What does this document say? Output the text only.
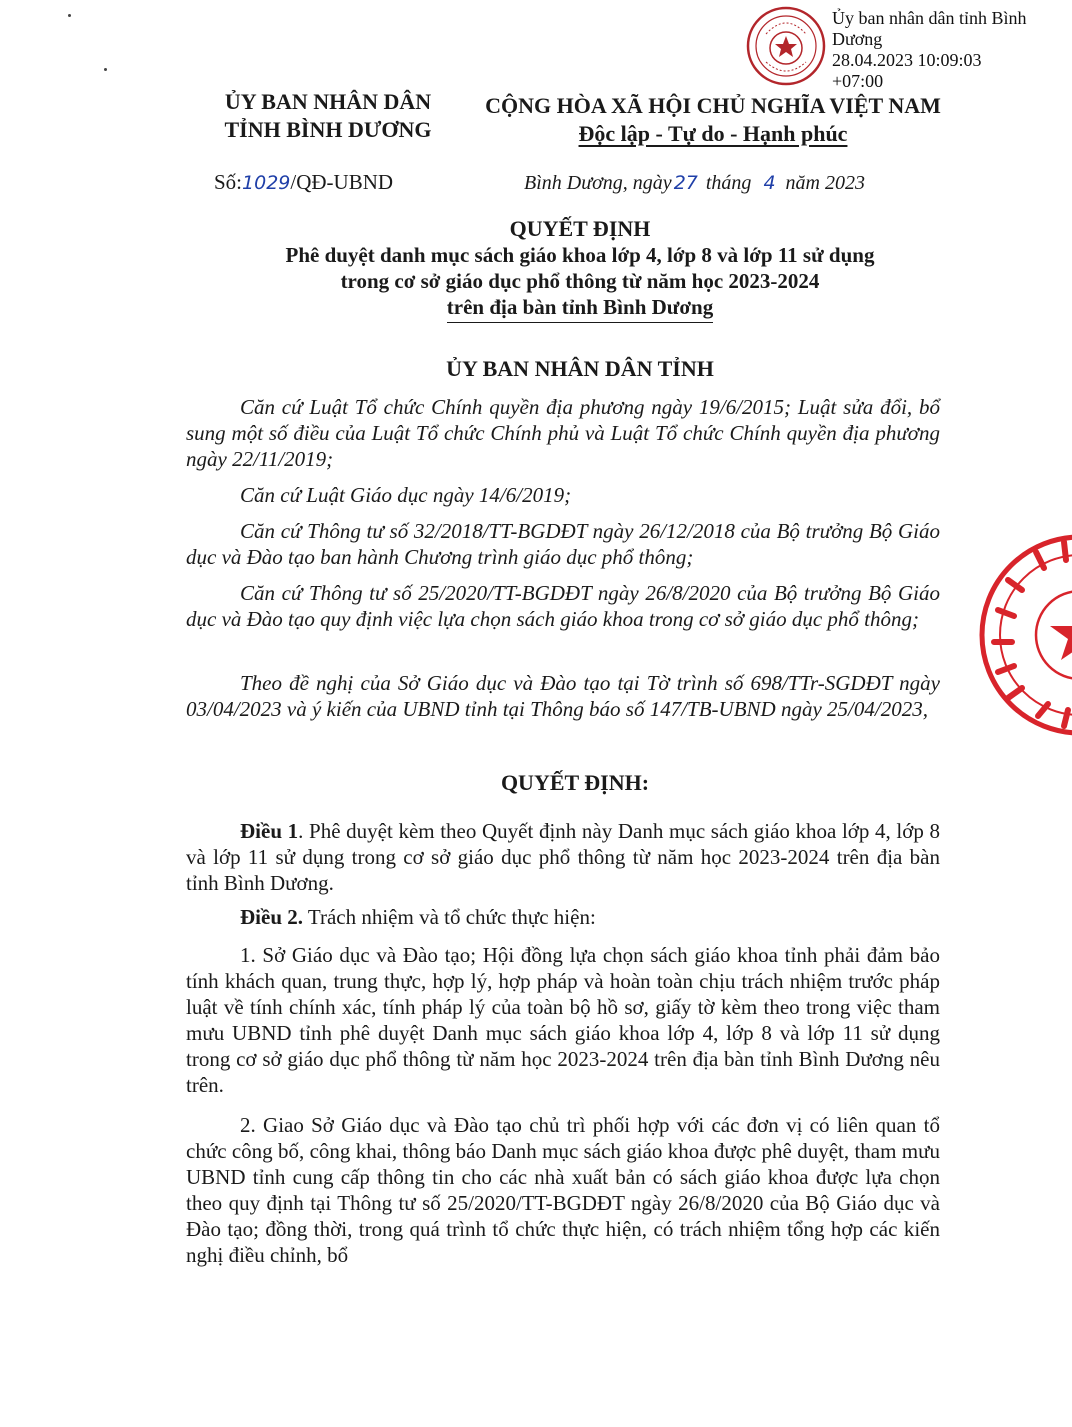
Ủy ban nhân dân tỉnh Bình Dương
28.04.2023 10:09:03
+07:00
ỦY BAN NHÂN DÂN
TỈNH BÌNH DƯƠNG
CỘNG HÒA XÃ HỘI CHỦ NGHĨA VIỆT NAM
Độc lập - Tự do - Hạnh phúc
Số:1029/QĐ-UBND	Bình Dương, ngày 27 tháng 4 năm 2023
QUYẾT ĐỊNH
Phê duyệt danh mục sách giáo khoa lớp 4, lớp 8 và lớp 11 sử dụng
trong cơ sở giáo dục phổ thông từ năm học 2023-2024
trên địa bàn tỉnh Bình Dương
ỦY BAN NHÂN DÂN TỈNH

Căn cứ Luật Tổ chức Chính quyền địa phương ngày 19/6/2015; Luật sửa đổi, bổ sung một số điều của Luật Tổ chức Chính phủ và Luật Tổ chức Chính quyền địa phương ngày 22/11/2019;

Căn cứ Luật Giáo dục ngày 14/6/2019;

Căn cứ Thông tư số 32/2018/TT-BGDĐT ngày 26/12/2018 của Bộ trưởng Bộ Giáo dục và Đào tạo ban hành Chương trình giáo dục phổ thông;

Căn cứ Thông tư số 25/2020/TT-BGDĐT ngày 26/8/2020 của Bộ trưởng Bộ Giáo dục và Đào tạo quy định việc lựa chọn sách giáo khoa trong cơ sở giáo dục phổ thông;

Theo đề nghị của Sở Giáo dục và Đào tạo tại Tờ trình số 698/TTr-SGDĐT ngày 03/04/2023 và ý kiến của UBND tỉnh tại Thông báo số 147/TB-UBND ngày 25/04/2023,

QUYẾT ĐỊNH:

Điều 1. Phê duyệt kèm theo Quyết định này Danh mục sách giáo khoa lớp 4, lớp 8 và lớp 11 sử dụng trong cơ sở giáo dục phổ thông từ năm học 2023-2024 trên địa bàn tỉnh Bình Dương.

Điều 2. Trách nhiệm và tổ chức thực hiện:

1. Sở Giáo dục và Đào tạo; Hội đồng lựa chọn sách giáo khoa tỉnh phải đảm bảo tính khách quan, trung thực, hợp lý, hợp pháp và hoàn toàn chịu trách nhiệm trước pháp luật về tính chính xác, tính pháp lý của toàn bộ hồ sơ, giấy tờ kèm theo trong việc tham mưu UBND tỉnh phê duyệt Danh mục sách giáo khoa lớp 4, lớp 8 và lớp 11 sử dụng trong cơ sở giáo dục phổ thông từ năm học 2023-2024 trên địa bàn tỉnh Bình Dương nêu trên.

2. Giao Sở Giáo dục và Đào tạo chủ trì phối hợp với các đơn vị có liên quan tổ chức công bố, công khai, thông báo Danh mục sách giáo khoa được phê duyệt, tham mưu UBND tỉnh cung cấp thông tin cho các nhà xuất bản có sách giáo khoa được lựa chọn theo quy định tại Thông tư số 25/2020/TT-BGDĐT ngày 26/8/2020 của Bộ Giáo dục và Đào tạo; đồng thời, trong quá trình tổ chức thực hiện, có trách nhiệm tổng hợp các kiến nghị điều chỉnh, bổ
